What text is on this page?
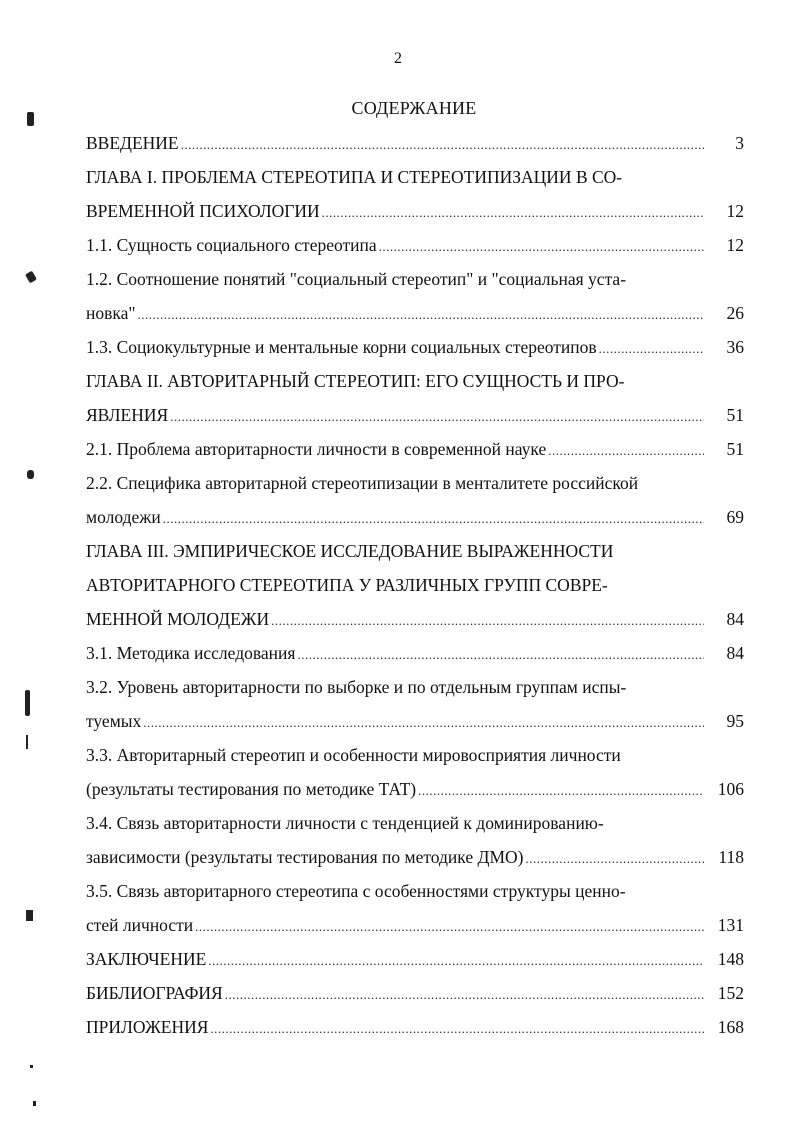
2
СОДЕРЖАНИЕ
ВВЕДЕНИЕ .....	3
ГЛАВА I. ПРОБЛЕМА СТЕРЕОТИПА И СТЕРЕОТИПИЗАЦИИ В СО-
ВРЕМЕННОЙ ПСИХОЛОГИИ .....	12
1.1. Сущность социального стереотипа .....	12
1.2. Соотношение понятий "социальный стереотип" и "социальная уста-
новка" .....	26
1.3. Социокультурные и ментальные корни социальных стереотипов .....	36
ГЛАВА II. АВТОРИТАРНЫЙ СТЕРЕОТИП: ЕГО СУЩНОСТЬ И ПРО-
ЯВЛЕНИЯ .....	51
2.1. Проблема авторитарности личности в современной науке .....	51
2.2. Специфика авторитарной стереотипизации в менталитете российской
молодежи .....	69
ГЛАВА III. ЭМПИРИЧЕСКОЕ ИССЛЕДОВАНИЕ ВЫРАЖЕННОСТИ
АВТОРИТАРНОГО СТЕРЕОТИПА У РАЗЛИЧНЫХ ГРУПП СОВРЕ-
МЕННОЙ МОЛОДЕЖИ .....	84
3.1. Методика исследования .....	84
3.2. Уровень авторитарности по выборке и по отдельным группам испы-
туемых .....	95
3.3. Авторитарный стереотип и особенности мировосприятия личности
(результаты тестирования по методике ТАТ) .....	106
3.4. Связь авторитарности личности с тенденцией к доминированию-
зависимости (результаты тестирования по методике ДМО) .....	118
3.5. Связь авторитарного стереотипа с особенностями структуры ценно-
стей личности .....	131
ЗАКЛЮЧЕНИЕ .....	148
БИБЛИОГРАФИЯ .....	152
ПРИЛОЖЕНИЯ .....	168
